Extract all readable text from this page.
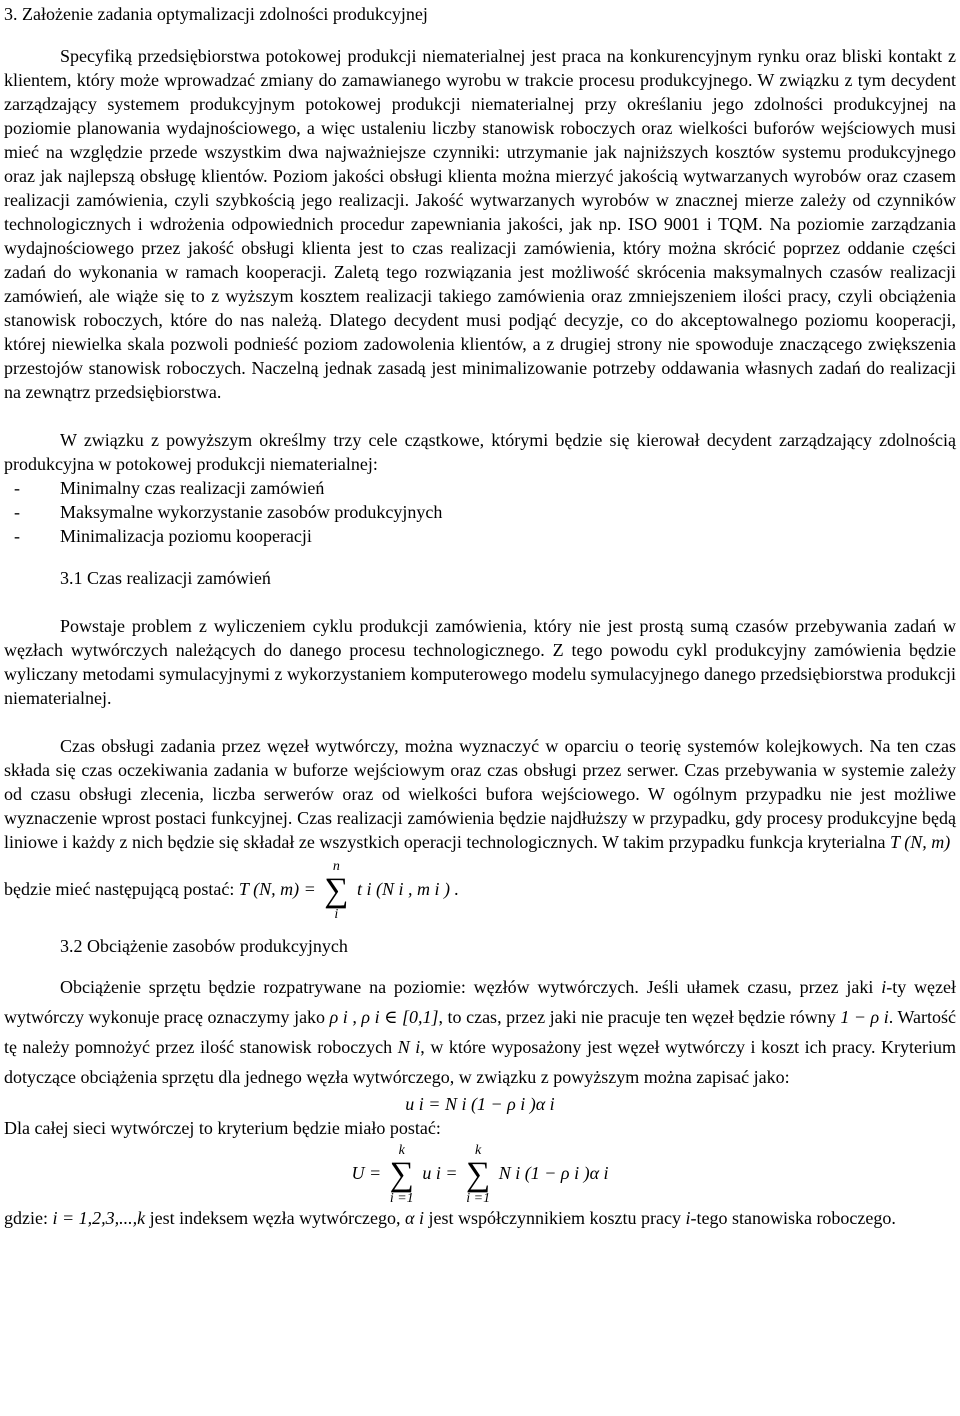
3. Założenie zadania optymalizacji zdolności produkcyjnej

Specyfiką przedsiębiorstwa potokowej produkcji niematerialnej jest praca na konkurencyjnym rynku oraz bliski kontakt z klientem, który może wprowadzać zmiany do zamawianego wyrobu w trakcie procesu produkcyjnego. W związku z tym decydent zarządzający systemem produkcyjnym potokowej produkcji niematerialnej przy określaniu jego zdolności produkcyjnej na poziomie planowania wydajnościowego, a więc ustaleniu liczby stanowisk roboczych oraz wielkości buforów wejściowych musi mieć na względzie przede wszystkim dwa najważniejsze czynniki: utrzymanie jak najniższych kosztów systemu produkcyjnego oraz jak najlepszą obsługę klientów. Poziom jakości obsługi klienta można mierzyć jakością wytwarzanych wyrobów oraz czasem realizacji zamówienia, czyli szybkością jego realizacji. Jakość wytwarzanych wyrobów w znacznej mierze zależy od czynników technologicznych i wdrożenia odpowiednich procedur zapewniania jakości, jak np. ISO 9001 i TQM. Na poziomie zarządzania wydajnościowego przez jakość obsługi klienta jest to czas realizacji zamówienia, który można skrócić poprzez oddanie części zadań do wykonania w ramach kooperacji. Zaletą tego rozwiązania jest możliwość skrócenia maksymalnych czasów realizacji zamówień, ale wiąże się to z wyższym kosztem realizacji takiego zamówienia oraz zmniejszeniem ilości pracy, czyli obciążenia stanowisk roboczych, które do nas należą. Dlatego decydent musi podjąć decyzje, co do akceptowalnego poziomu kooperacji, której niewielka skala pozwoli podnieść poziom zadowolenia klientów, a z drugiej strony nie spowoduje znaczącego zwiększenia przestojów stanowisk roboczych. Naczelną jednak zasadą jest minimalizowanie potrzeby oddawania własnych zadań do realizacji na zewnątrz przedsiębiorstwa.

W związku z powyższym określmy trzy cele cząstkowe, którymi będzie się kierował decydent zarządzający zdolnością produkcyjna w potokowej produkcji niematerialnej:

-	Minimalny czas realizacji zamówień
-	Maksymalne wykorzystanie zasobów produkcyjnych
-	Minimalizacja poziomu kooperacji
3.1 Czas realizacji zamówień

Powstaje problem z wyliczeniem cyklu produkcji zamówienia, który nie jest prostą sumą czasów przebywania zadań w węzłach wytwórczych należących do danego procesu technologicznego. Z tego powodu cykl produkcyjny zamówienia będzie wyliczany metodami symulacyjnymi z wykorzystaniem komputerowego modelu symulacyjnego danego przedsiębiorstwa produkcji niematerialnej.

Czas obsługi zadania przez węzeł wytwórczy, można wyznaczyć w oparciu o teorię systemów kolejkowych. Na ten czas składa się czas oczekiwania zadania w buforze wejściowym oraz czas obsługi przez serwer. Czas przebywania w systemie zależy od czasu obsługi zlecenia, liczba serwerów oraz od wielkości bufora wejściowego. W ogólnym przypadku nie jest możliwe wyznaczenie wprost postaci funkcyjnej. Czas realizacji zamówienia będzie najdłuższy w przypadku, gdy procesy produkcyjne będą liniowe i każdy z nich będzie się składał ze wszystkich operacji technologicznych. W takim przypadku funkcja kryterialna T (N, m)

będzie mieć następującą postać: T (N, m) =
n
∑
i
t i (N i , m i ) .

3.2 Obciążenie zasobów produkcyjnych

Obciążenie sprzętu będzie rozpatrywane na poziomie: węzłów wytwórczych. Jeśli ułamek czasu, przez jaki i-ty węzeł wytwórczy wykonuje pracę oznaczymy jako ρ i , ρ i ∈ [0,1], to czas, przez jaki nie pracuje ten węzeł będzie równy 1 − ρ i. Wartość tę należy pomnożyć przez ilość stanowisk roboczych N i, w które wyposażony jest węzeł wytwórczy i koszt ich pracy. Kryterium dotyczące obciążenia sprzętu dla jednego węzła wytwórczego, w związku z powyższym można zapisać jako:

u i = N i (1 − ρ i )α i

Dla całej sieci wytwórczej to kryterium będzie miało postać:

U =
k
∑
i =1
u i =
k
∑
i =1
N i (1 − ρ i )α i

gdzie: i = 1,2,3,...,k jest indeksem węzła wytwórczego, α i jest współczynnikiem kosztu pracy i-tego stanowiska roboczego.
